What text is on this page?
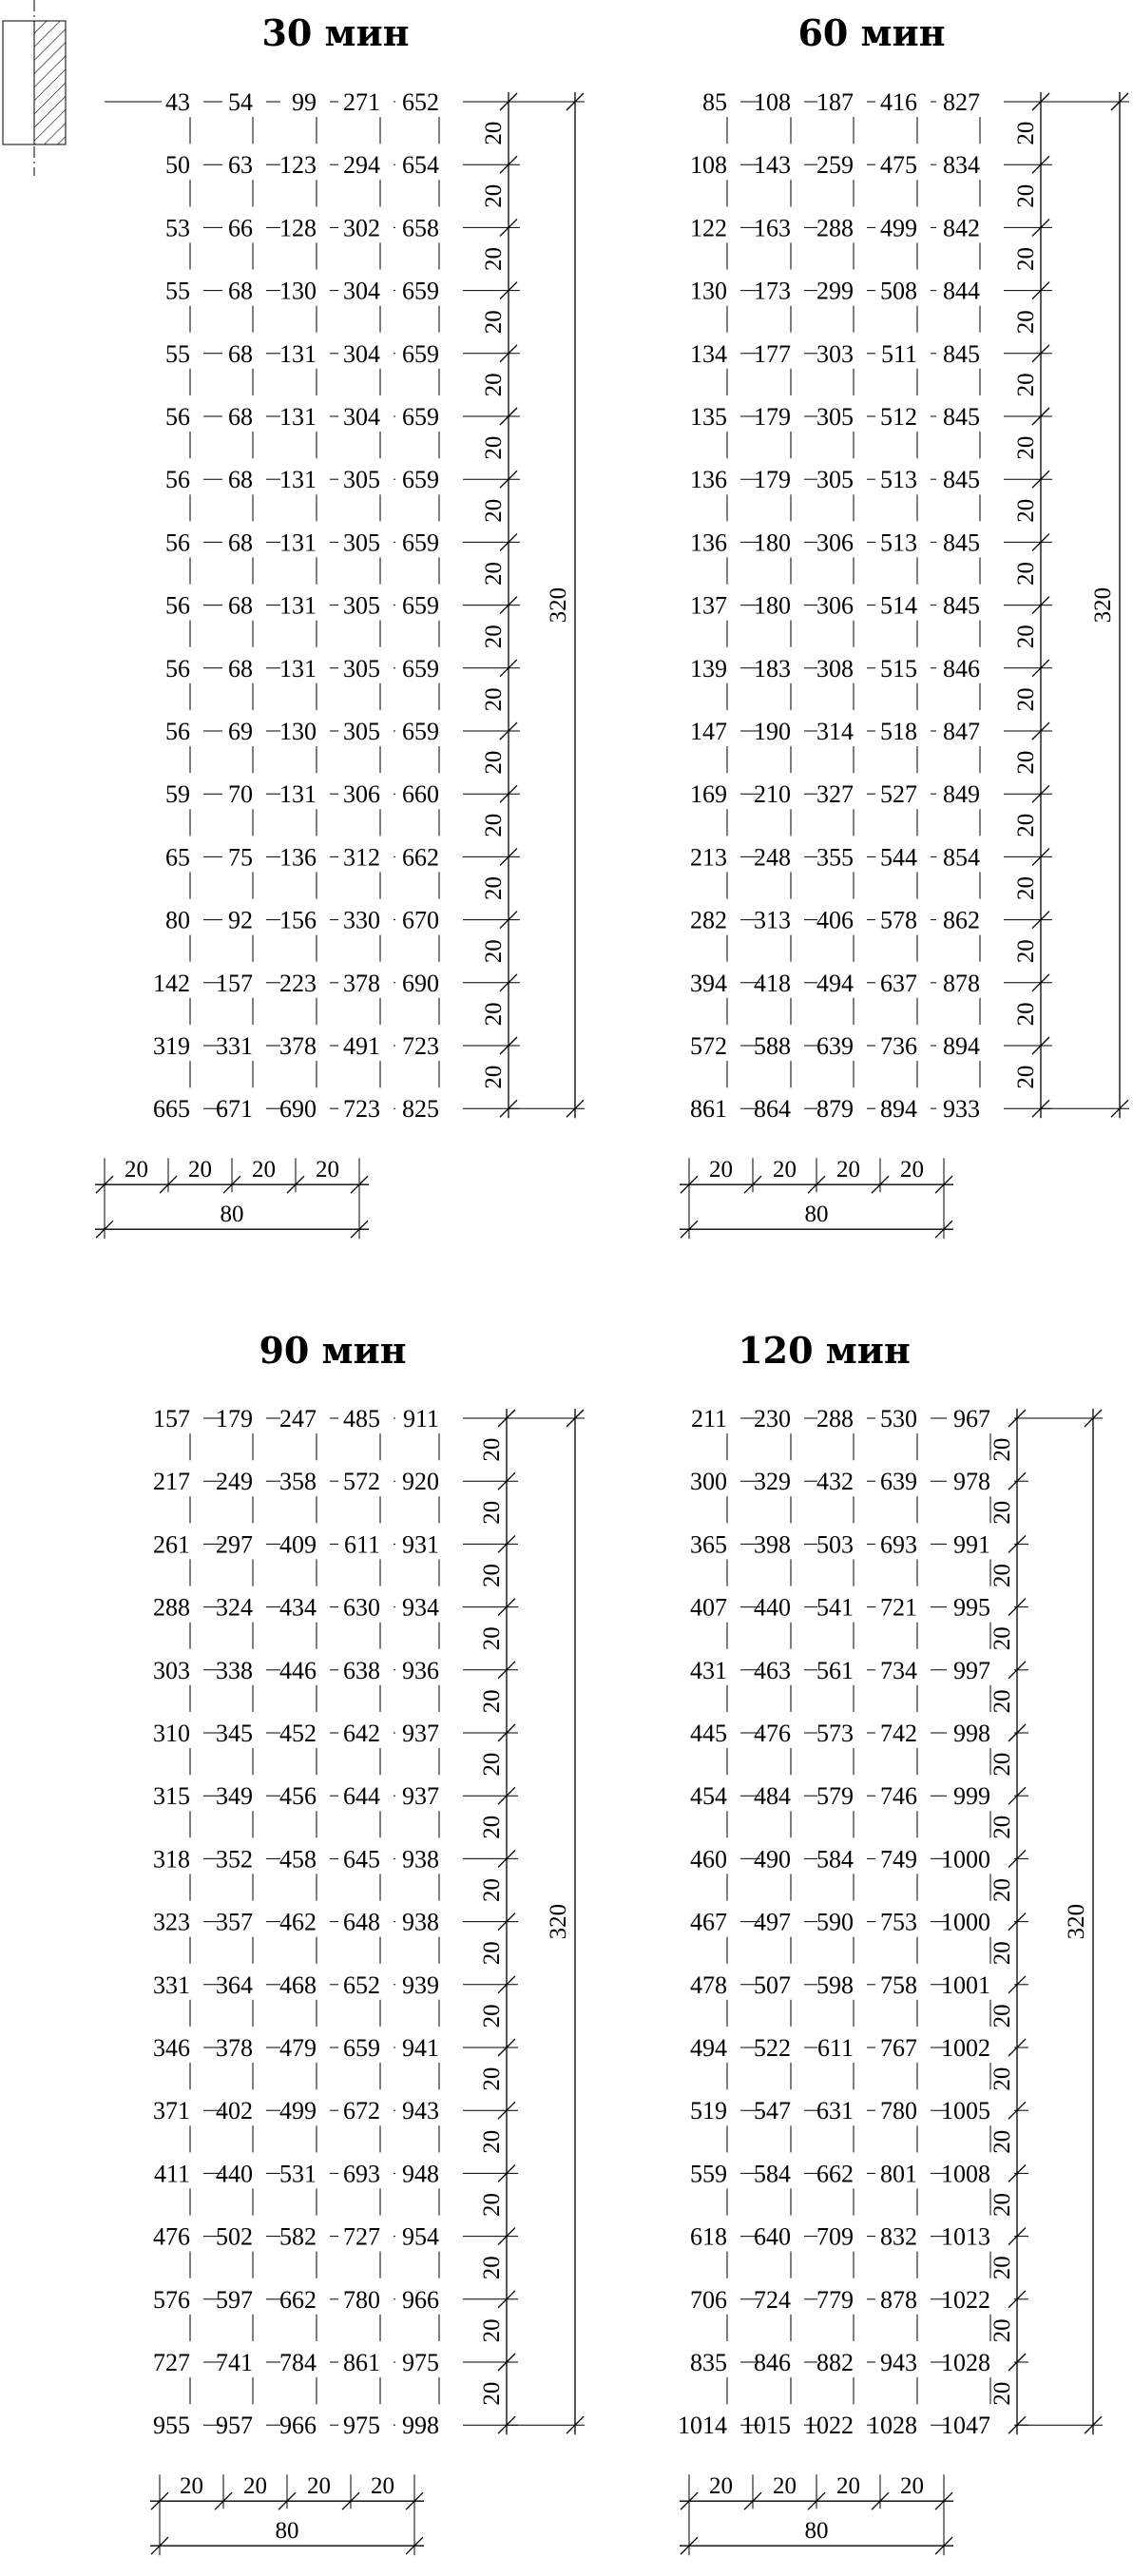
30 мин
43 54 99 271 652
50 63 123 294 654
53 66 128 302 658
55 68 130 304 659
55 68 131 304 659
56 68 131 304 659
56 68 131 305 659
56 68 131 305 659
56 68 131 305 659
56 68 131 305 659
56 69 130 305 659
59 70 131 306 660
65 75 136 312 662
80 92 156 330 670
142 157 223 378 690
319 331 378 491 723
665 671 690 723 825
20
20
20
20
20
20
20
20
20
20
20
20
20
20
20
20
320
20 20 20 20
80
60 мин
85 108 187 416 827
108 143 259 475 834
122 163 288 499 842
130 173 299 508 844
134 177 303 511 845
135 179 305 512 845
136 179 305 513 845
136 180 306 513 845
137 180 306 514 845
139 183 308 515 846
147 190 314 518 847
169 210 327 527 849
213 248 355 544 854
282 313 406 578 862
394 418 494 637 878
572 588 639 736 894
861 864 879 894 933
20
20
20
20
20
20
20
20
20
20
20
20
20
20
20
20
320
20 20 20 20
80
90 мин
157 179 247 485 911
217 249 358 572 920
261 297 409 611 931
288 324 434 630 934
303 338 446 638 936
310 345 452 642 937
315 349 456 644 937
318 352 458 645 938
323 357 462 648 938
331 364 468 652 939
346 378 479 659 941
371 402 499 672 943
411 440 531 693 948
476 502 582 727 954
576 597 662 780 966
727 741 784 861 975
955 957 966 975 998
20
20
20
20
20
20
20
20
20
20
20
20
20
20
20
20
320
20 20 20 20
80
120 мин
211 230 288 530 967
300 329 432 639 978
365 398 503 693 991
407 440 541 721 995
431 463 561 734 997
445 476 573 742 998
454 484 579 746 999
460 490 584 749 1000
467 497 590 753 1000
478 507 598 758 1001
494 522 611 767 1002
519 547 631 780 1005
559 584 662 801 1008
618 640 709 832 1013
706 724 779 878 1022
835 846 882 943 1028
1014 1015 1022 1028 1047
20
20
20
20
20
20
20
20
20
20
20
20
20
20
20
20
320
20 20 20 20
80
